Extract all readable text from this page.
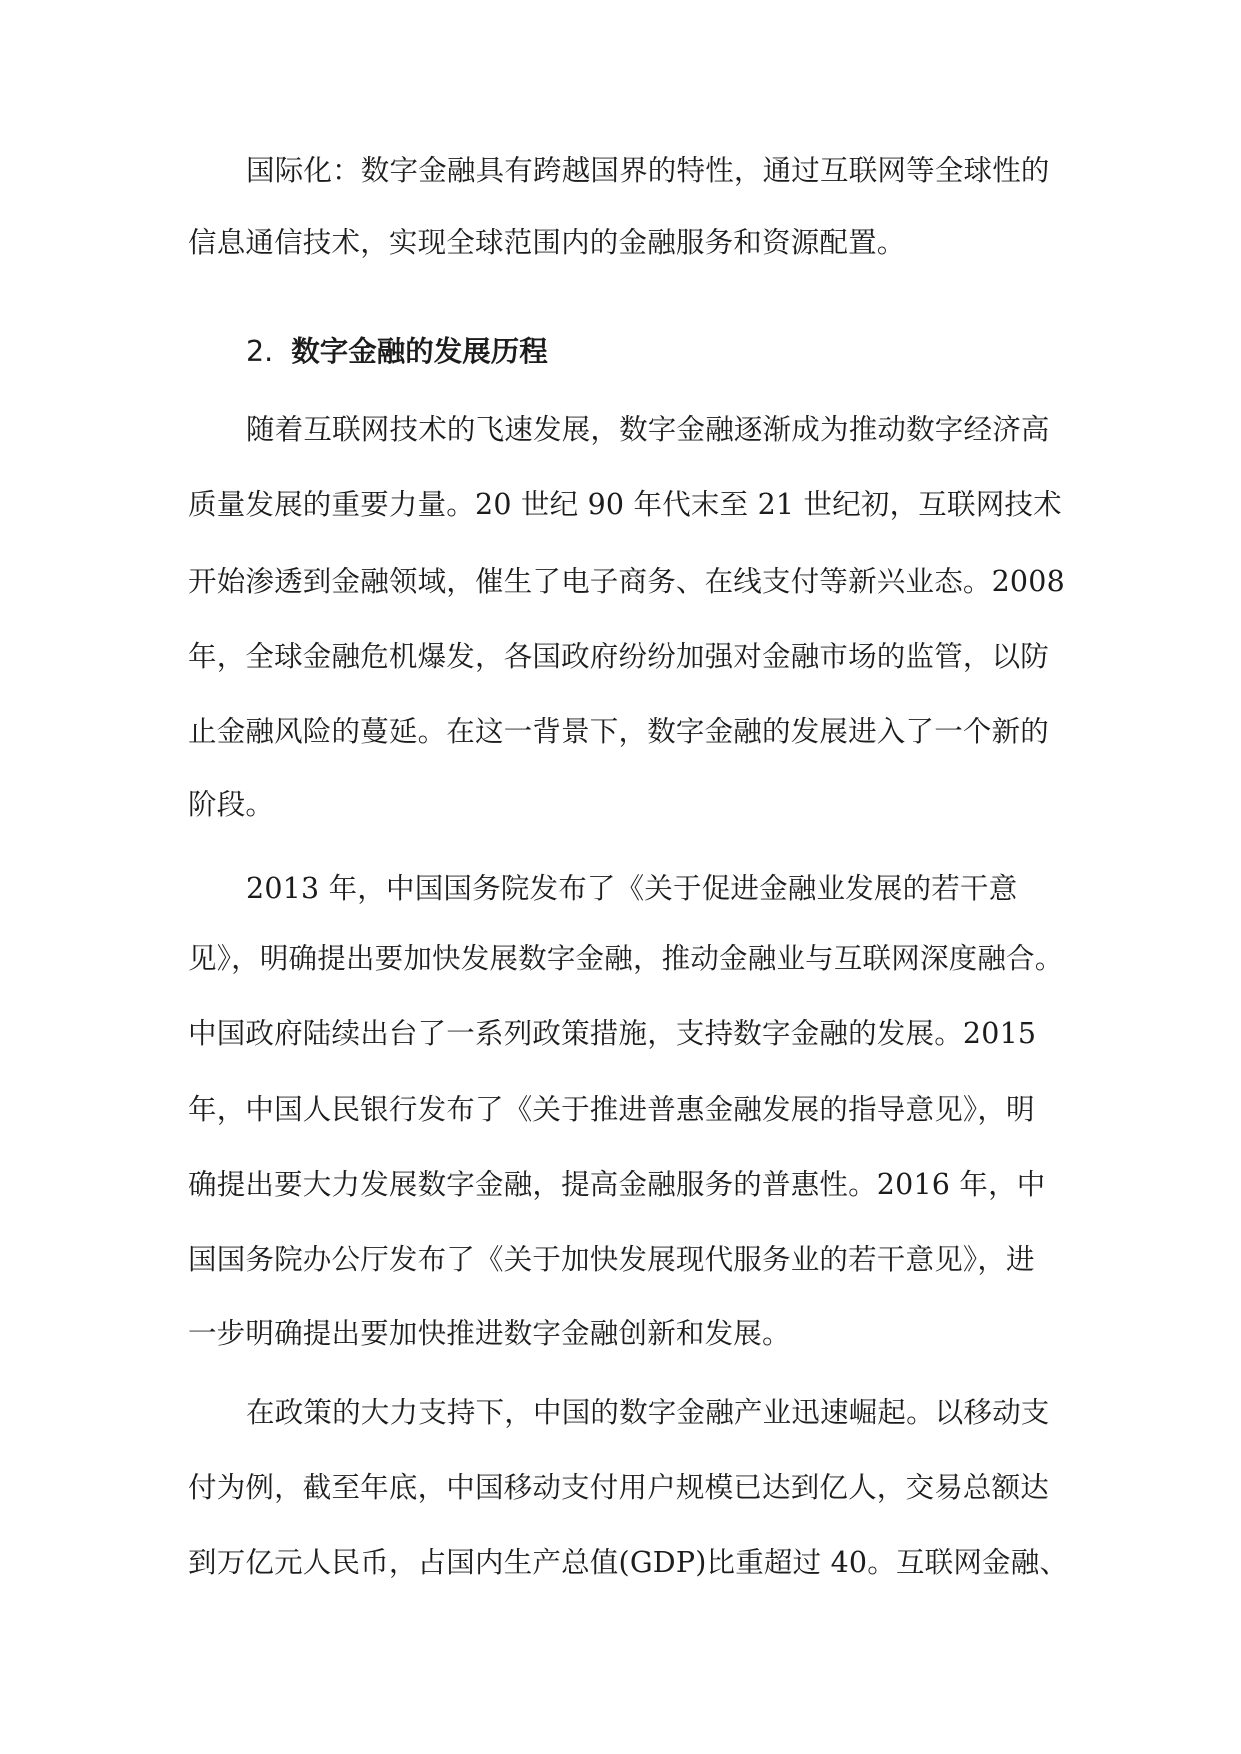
国际化：数字金融具有跨越国界的特性，通过互联网等全球性的
信息通信技术，实现全球范围内的金融服务和资源配置。
2. 数字金融的发展历程
随着互联网技术的飞速发展，数字金融逐渐成为推动数字经济高
质量发展的重要力量。20 世纪 90 年代末至 21 世纪初，互联网技术
开始渗透到金融领域，催生了电子商务、在线支付等新兴业态。2008
年，全球金融危机爆发，各国政府纷纷加强对金融市场的监管，以防
止金融风险的蔓延。在这一背景下，数字金融的发展进入了一个新的
阶段。
2013 年，中国国务院发布了《关于促进金融业发展的若干意
见》，明确提出要加快发展数字金融，推动金融业与互联网深度融合。
中国政府陆续出台了一系列政策措施，支持数字金融的发展。2015
年，中国人民银行发布了《关于推进普惠金融发展的指导意见》，明
确提出要大力发展数字金融，提高金融服务的普惠性。2016 年，中
国国务院办公厅发布了《关于加快发展现代服务业的若干意见》，进
一步明确提出要加快推进数字金融创新和发展。
在政策的大力支持下，中国的数字金融产业迅速崛起。以移动支
付为例，截至年底，中国移动支付用户规模已达到亿人，交易总额达
到万亿元人民币，占国内生产总值(GDP)比重超过 40。互联网金融、
